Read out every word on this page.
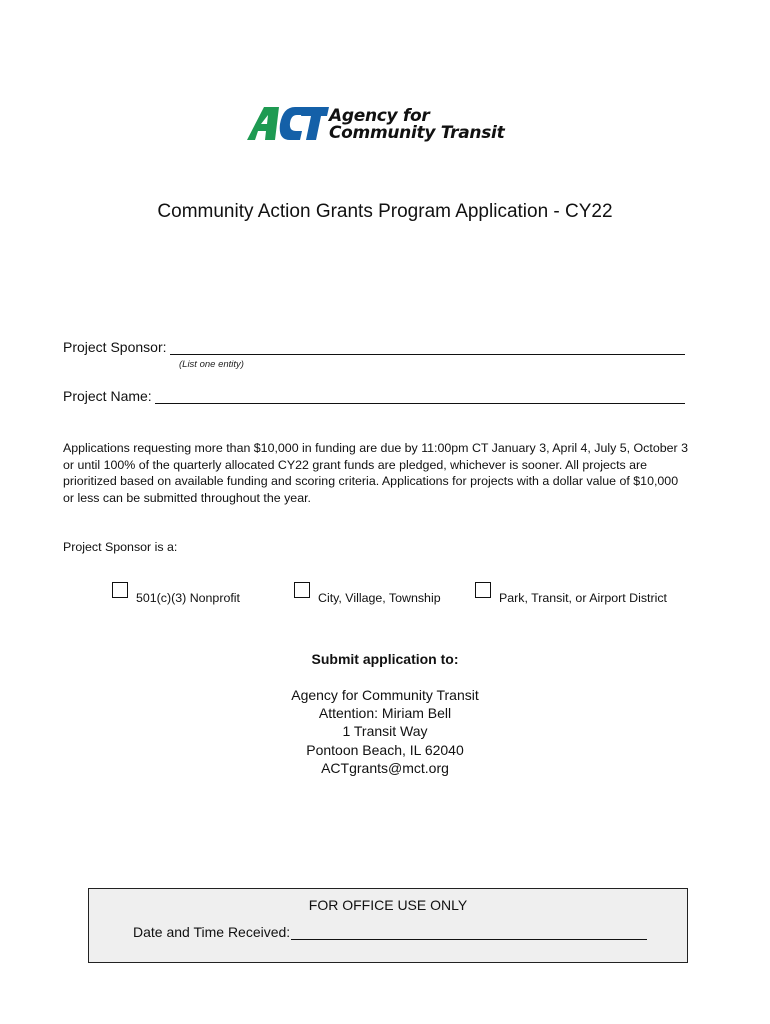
Agency for
Community Transit
Community Action Grants Program Application - CY22
Project Sponsor:
(List one entity)
Project Name:
Applications requesting more than $10,000 in funding are due by 11:00pm CT January 3, April 4, July 5, October 3 or until 100% of the quarterly allocated CY22 grant funds are pledged, whichever is sooner. All projects are prioritized based on available funding and scoring criteria. Applications for projects with a dollar value of $10,000 or less can be submitted throughout the year.
Project Sponsor is a:
501(c)(3) Nonprofit	City, Village, Township	Park, Transit, or Airport District
Submit application to:
Agency for Community Transit
Attention: Miriam Bell
1 Transit Way
Pontoon Beach, IL 62040
ACTgrants@mct.org
FOR OFFICE USE ONLY
Date and Time Received:
